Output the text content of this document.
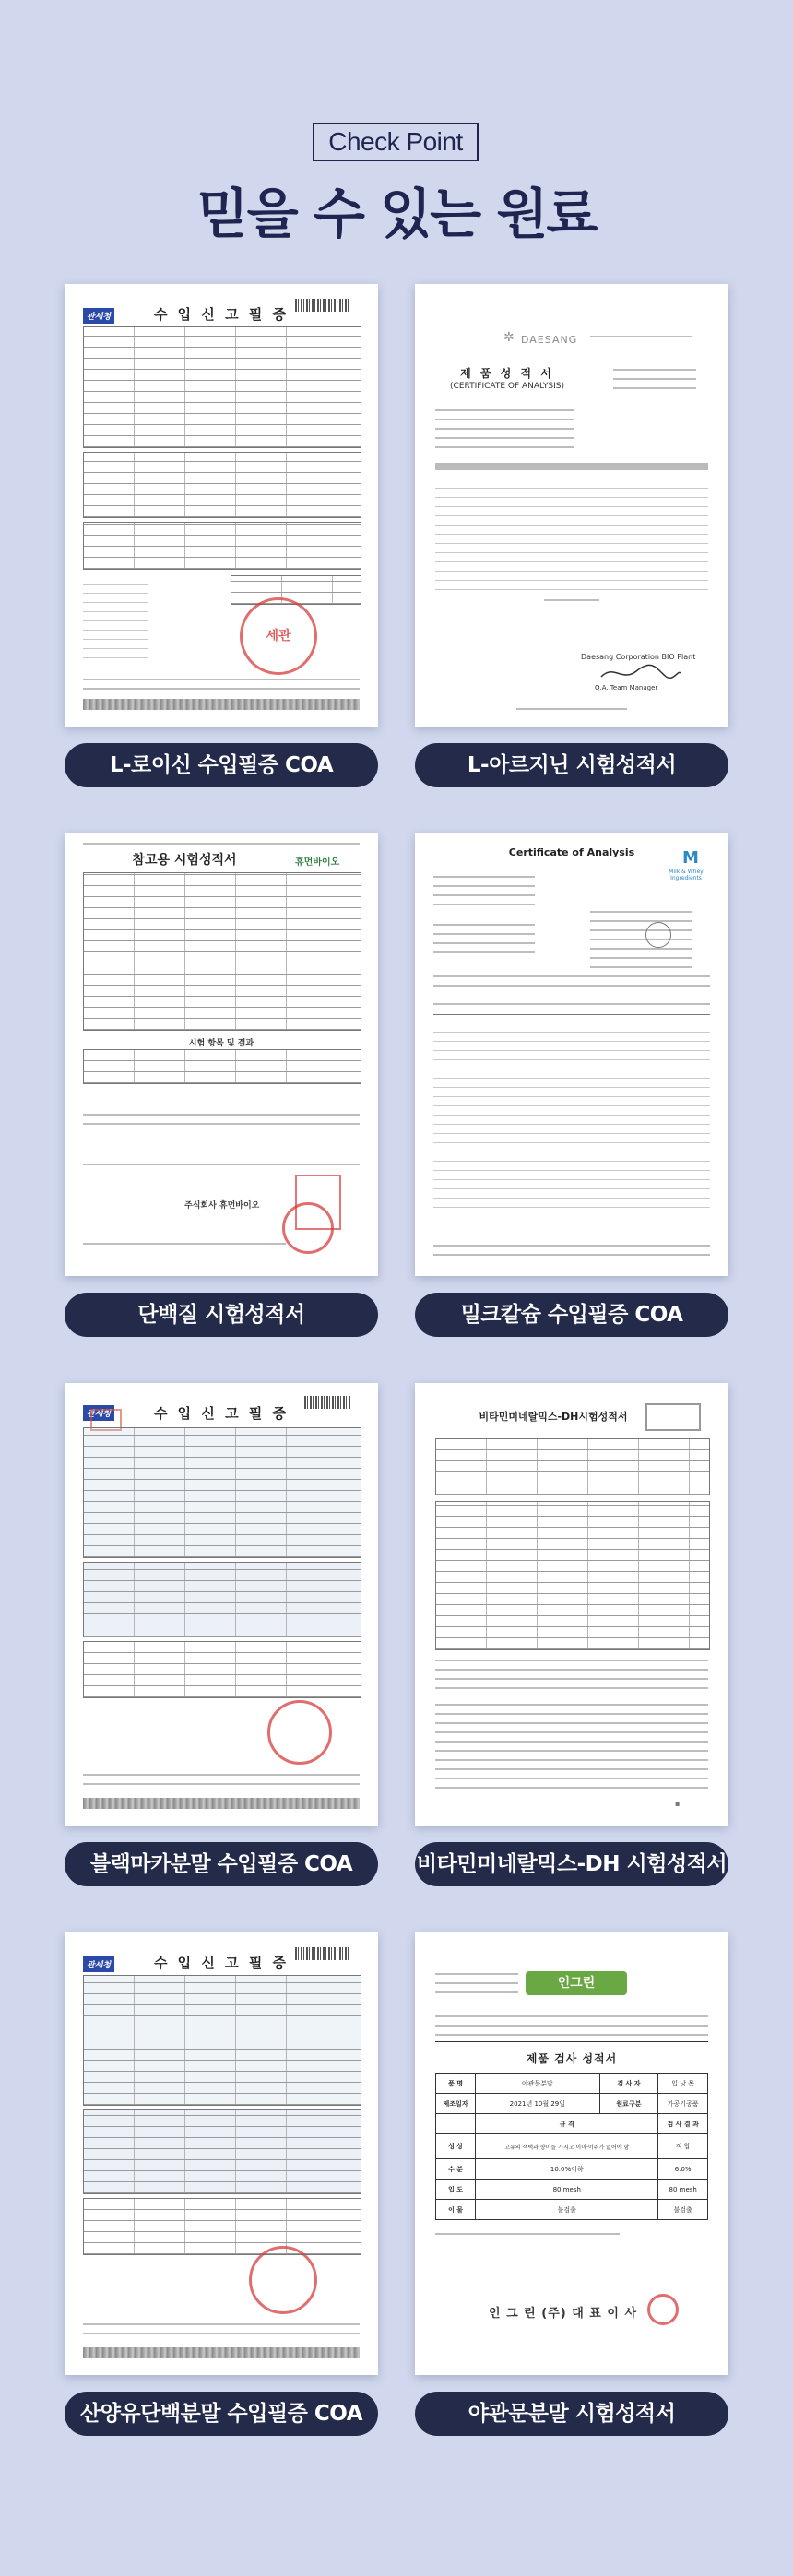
Check Point
믿을 수 있는 원료
관세청	수 입 신 고 필 증
세관
L-로이신 수입필증 COA
DAESANG
✲
제 품 성 적 서
(CERTIFICATE OF ANALYSIS)
Daesang Corporation BIO Plant
Q.A. Team Manager
L-아르지닌 시험성적서
참고용 시험성적서	휴먼바이오
시험 항목 및 결과
주식회사 휴먼바이오
단백질 시험성적서
Certificate of Analysis	M
Milk & Whey Ingredients
밀크칼슘 수입필증 COA
관세청	수 입 신 고 필 증
블랙마카분말 수입필증 COA
비타민미네랄믹스-DH시험성적서
▪
비타민미네랄믹스-DH 시험성적서
관세청	수 입 신 고 필 증
산양유단백분말 수입필증 COA
인그린
제품 검사 성적서
품 명	야관문분말	검 사 자	입 낭 목
제조일자	2021년 10월 29일	원료구분	가공기공품
	규 격		검 사 결 과
성 상	고유의 색택과 향미를 가지고 이미·이취가 없어야 함		적 합
수 분	10.0%이하		6.0%
입 도	80 mesh		80 mesh
이 물	불검출		불검출
인 그 린 (주) 대 표 이 사
야관문분말 시험성적서
